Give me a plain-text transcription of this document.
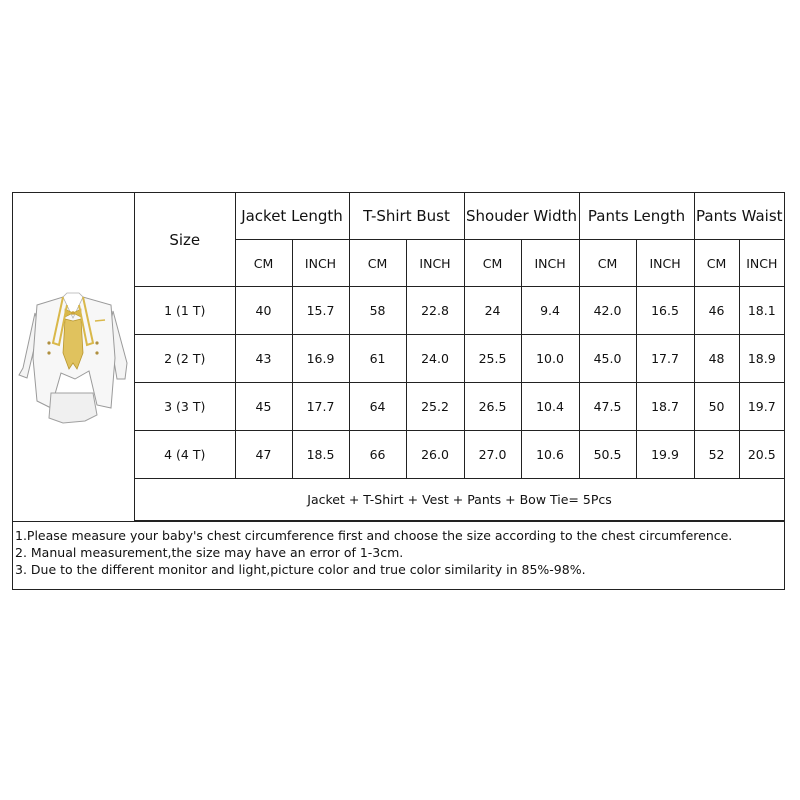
Size	Jacket Length		T-Shirt Bust		Shouder Width		Pants Length		Pants Waist	
	CM	INCH	CM	INCH	CM	INCH	CM	INCH	CM	INCH
1 (1 T)	40	15.7	58	22.8	24	9.4	42.0	16.5	46	18.1
2 (2 T)	43	16.9	61	24.0	25.5	10.0	45.0	17.7	48	18.9
3 (3 T)	45	17.7	64	25.2	26.5	10.4	47.5	18.7	50	19.7
4 (4 T)	47	18.5	66	26.0	27.0	10.6	50.5	19.9	52	20.5
Jacket + T-Shirt + Vest + Pants + Bow Tie= 5Pcs										
1.Please measure your baby's chest circumference first and choose the size according to the chest circumference.
2. Manual measurement,the size may have an error of 1-3cm.
3. Due to the different monitor and light,picture color and true color similarity in 85%-98%.
